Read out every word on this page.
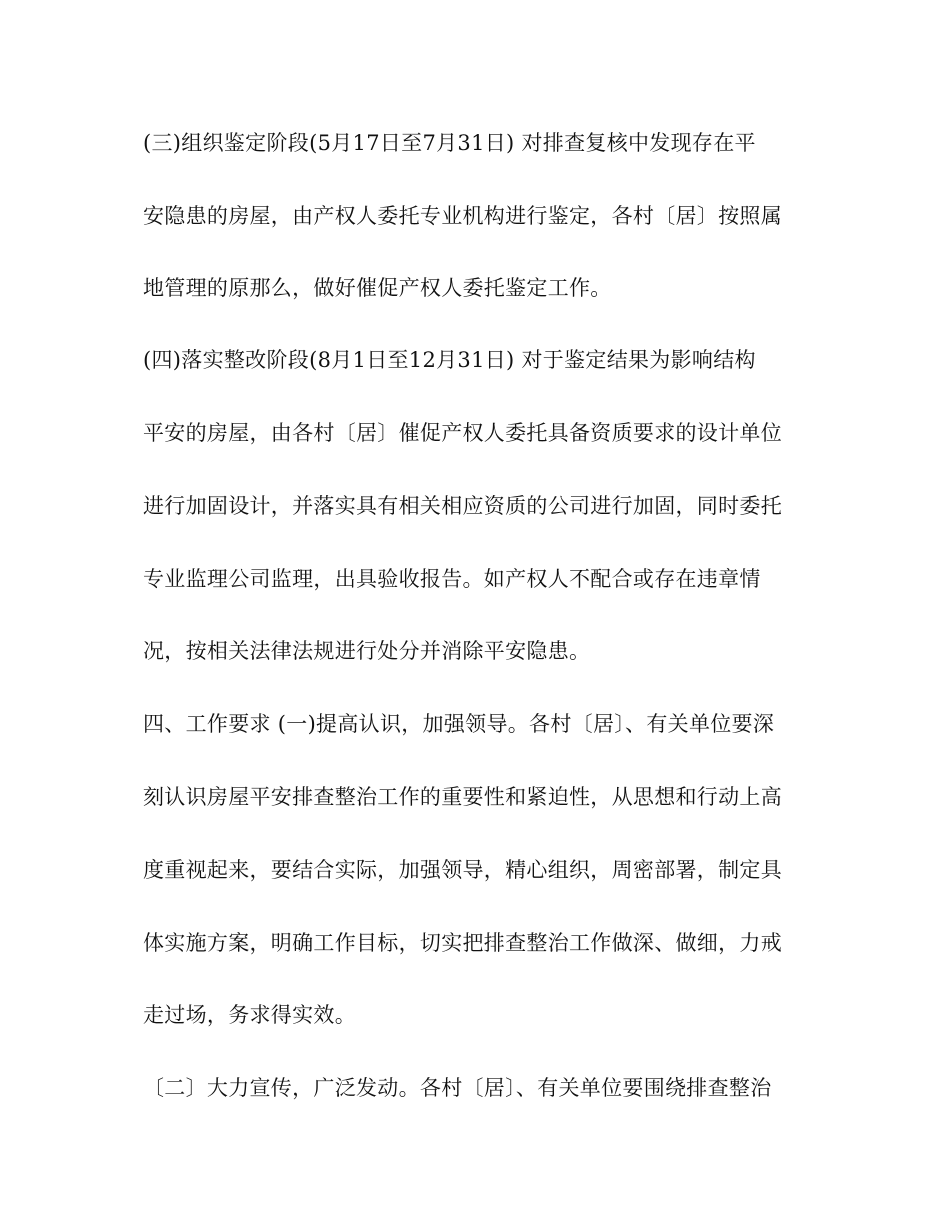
(三)组织鉴定阶段(5月17日至7月31日) 对排查复核中发现存在平
安隐患的房屋，由产权人委托专业机构进行鉴定，各村〔居〕按照属
地管理的原那么，做好催促产权人委托鉴定工作。
(四)落实整改阶段(8月1日至12月31日) 对于鉴定结果为影响结构
平安的房屋，由各村〔居〕催促产权人委托具备资质要求的设计单位
进行加固设计，并落实具有相关相应资质的公司进行加固，同时委托
专业监理公司监理，出具验收报告。如产权人不配合或存在违章情
况，按相关法律法规进行处分并消除平安隐患。
四、工作要求 (一)提高认识，加强领导。各村〔居〕、有关单位要深
刻认识房屋平安排查整治工作的重要性和紧迫性，从思想和行动上高
度重视起来，要结合实际，加强领导，精心组织，周密部署，制定具
体实施方案，明确工作目标，切实把排查整治工作做深、做细，力戒
走过场，务求得实效。
〔二〕大力宣传，广泛发动。各村〔居〕、有关单位要围绕排查整治
